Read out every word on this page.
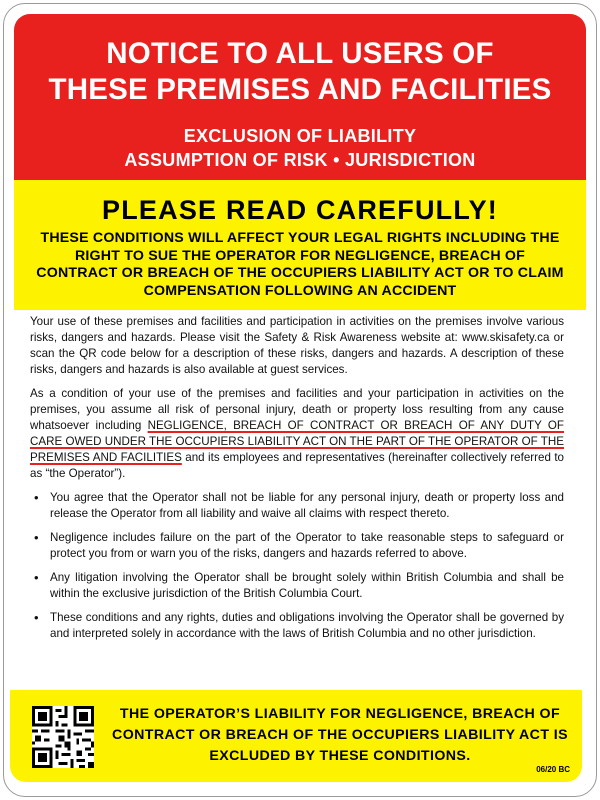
NOTICE TO ALL USERS OF
THESE PREMISES AND FACILITIES

EXCLUSION OF LIABILITY
ASSUMPTION OF RISK • JURISDICTION

PLEASE READ CAREFULLY!

THESE CONDITIONS WILL AFFECT YOUR LEGAL RIGHTS INCLUDING THE RIGHT TO SUE THE OPERATOR FOR NEGLIGENCE, BREACH OF CONTRACT OR BREACH OF THE OCCUPIERS LIABILITY ACT OR TO CLAIM COMPENSATION FOLLOWING AN ACCIDENT

Your use of these premises and facilities and participation in activities on the premises involve various risks, dangers and hazards. Please visit the Safety & Risk Awareness website at: www.skisafety.ca or scan the QR code below for a description of these risks, dangers and hazards. A description of these risks, dangers and hazards is also available at guest services.

As a condition of your use of the premises and facilities and your participation in activities on the premises, you assume all risk of personal injury, death or property loss resulting from any cause whatsoever including NEGLIGENCE, BREACH OF CONTRACT OR BREACH OF ANY DUTY OF CARE OWED UNDER THE OCCUPIERS LIABILITY ACT ON THE PART OF THE OPERATOR OF THE PREMISES AND FACILITIES and its employees and representatives (hereinafter collectively referred to as “the Operator”).

• You agree that the Operator shall not be liable for any personal injury, death or property loss and release the Operator from all liability and waive all claims with respect thereto.
• Negligence includes failure on the part of the Operator to take reasonable steps to safeguard or protect you from or warn you of the risks, dangers and hazards referred to above.
• Any litigation involving the Operator shall be brought solely within British Columbia and shall be within the exclusive jurisdiction of the British Columbia Court.
• These conditions and any rights, duties and obligations involving the Operator shall be governed by and interpreted solely in accordance with the laws of British Columbia and no other jurisdiction.
THE OPERATOR’S LIABILITY FOR NEGLIGENCE, BREACH OF CONTRACT OR BREACH OF THE OCCUPIERS LIABILITY ACT IS EXCLUDED BY THESE CONDITIONS.
06/20 BC
